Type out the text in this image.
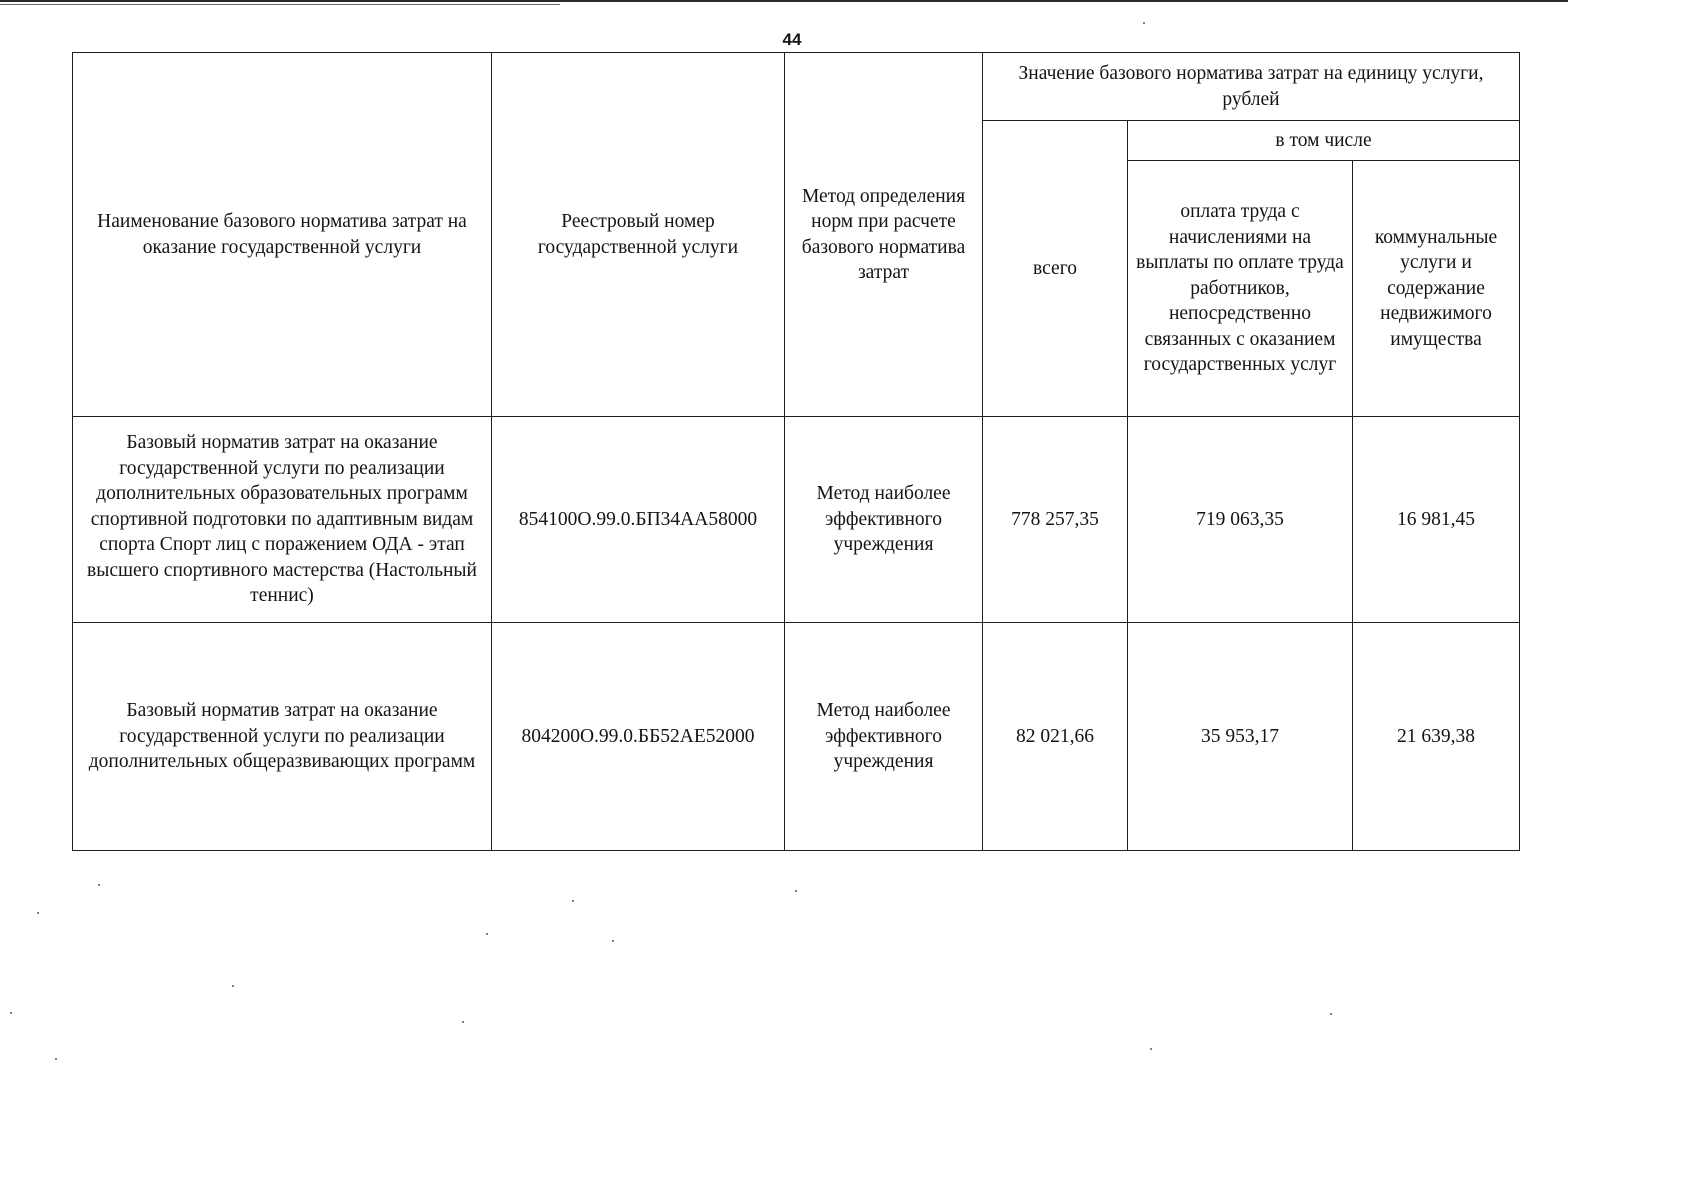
44
Наименование базового норматива затрат на оказание государственной услуги	Реестровый номер государственной услуги	Метод определения норм при расчете базового норматива затрат	Значение базового норматива затрат на единицу услуги, рублей		
			всего	в том числе	
				оплата труда с начислениями на выплаты по оплате труда работников, непосредственно связанных с оказанием государственных услуг	коммунальные услуги и содержание недвижимого имущества
Базовый норматив затрат на оказание государственной услуги по реализации дополнительных образовательных программ спортивной подготовки по адаптивным видам спорта Спорт лиц с поражением ОДА - этап высшего спортивного мастерства (Настольный теннис)	854100О.99.0.БП34АА58000	Метод наиболее эффективного учреждения	778 257,35	719 063,35	16 981,45
Базовый норматив затрат на оказание государственной услуги по реализации дополнительных общеразвивающих программ	804200О.99.0.ББ52АЕ52000	Метод наиболее эффективного учреждения	82 021,66	35 953,17	21 639,38
